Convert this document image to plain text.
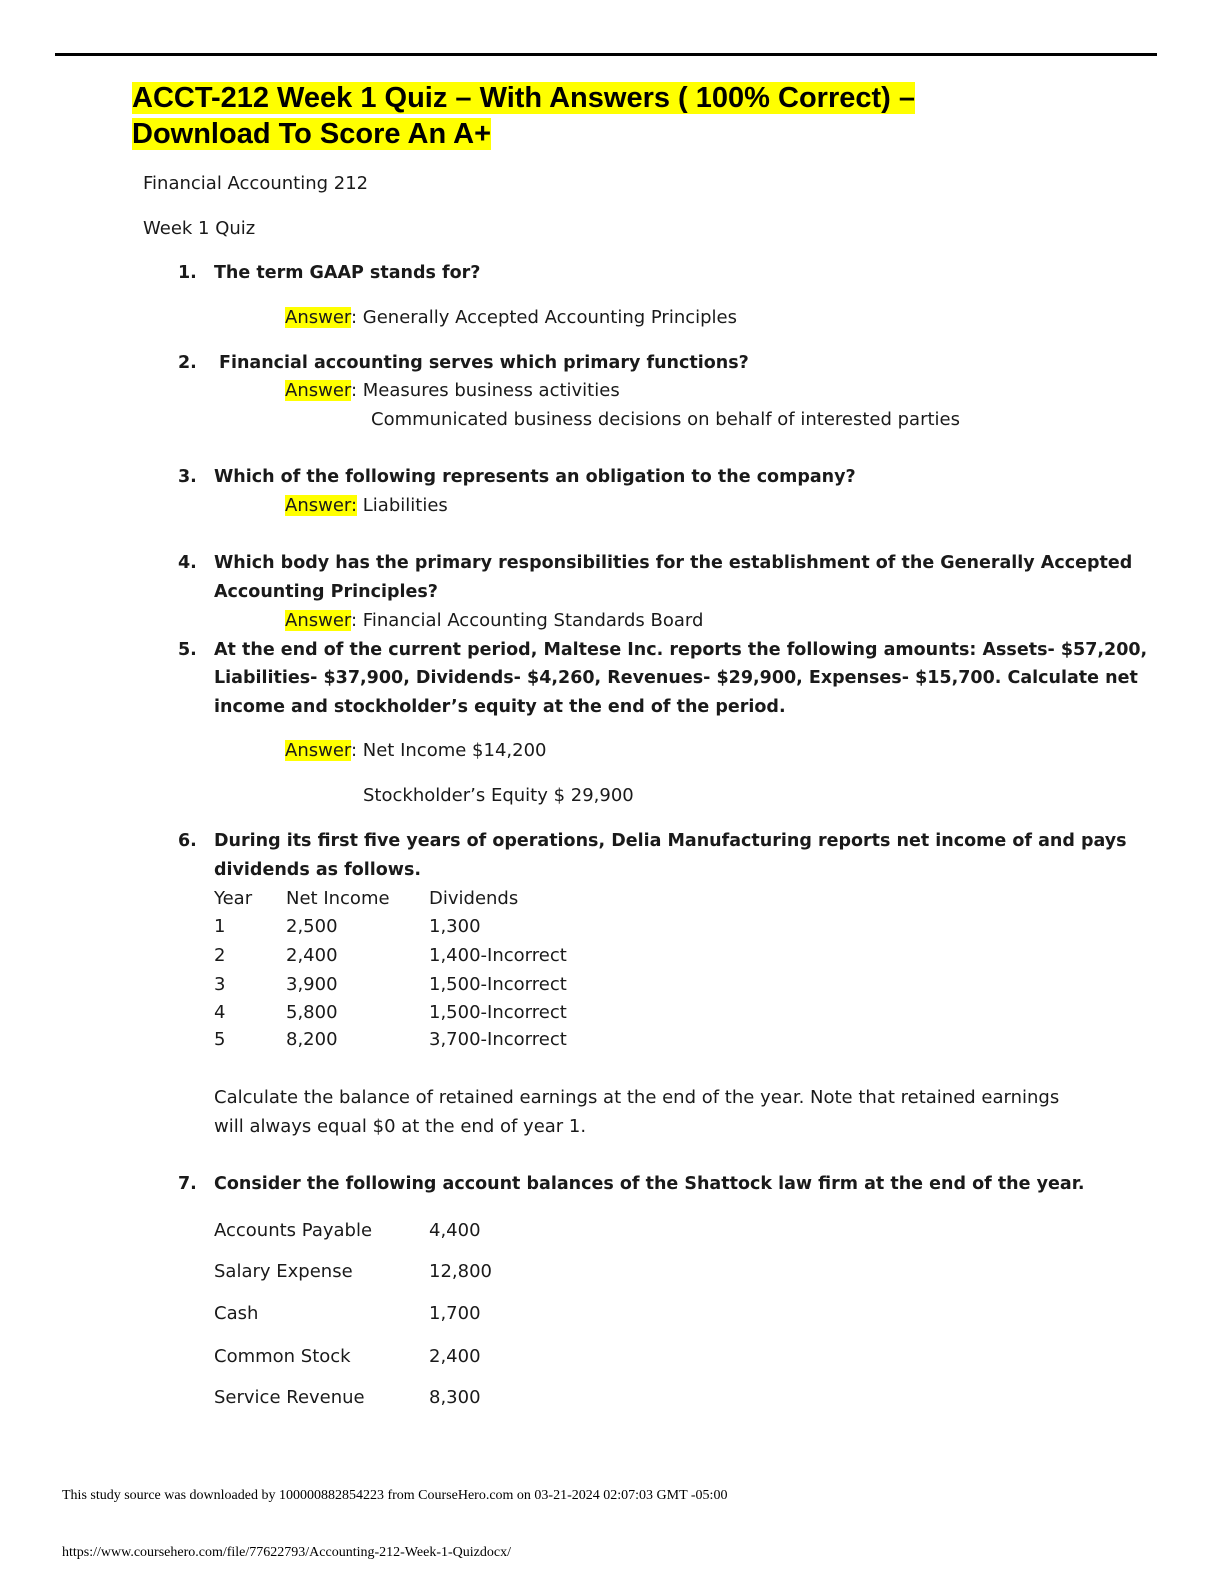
ACCT-212 Week 1 Quiz – With Answers ( 100% Correct) –
Download To Score An A+

Financial Accounting 212

Week 1 Quiz

1. The term GAAP stands for?

Answer: Generally Accepted Accounting Principles

2. Financial accounting serves which primary functions?

Answer: Measures business activities

Communicated business decisions on behalf of interested parties

3. Which of the following represents an obligation to the company?

Answer: Liabilities

4. Which body has the primary responsibilities for the establishment of the Generally Accepted

Accounting Principles?

Answer: Financial Accounting Standards Board

5. At the end of the current period, Maltese Inc. reports the following amounts: Assets- $57,200,

Liabilities- $37,900, Dividends- $4,260, Revenues- $29,900, Expenses- $15,700. Calculate net

income and stockholder’s equity at the end of the period.

Answer: Net Income $14,200

Stockholder’s Equity $ 29,900

6. During its first five years of operations, Delia Manufacturing reports net income of and pays

dividends as follows.

Year Net Income Dividends

1	2,500	1,300

2	2,400	1,400-Incorrect

3	3,900	1,500-Incorrect

4	5,800	1,500-Incorrect

5	8,200	3,700-Incorrect

Calculate the balance of retained earnings at the end of the year. Note that retained earnings

will always equal $0 at the end of year 1.

7. Consider the following account balances of the Shattock law firm at the end of the year.

Accounts Payable	4,400

Salary Expense	12,800

Cash	1,700

Common Stock	2,400

Service Revenue	8,300

This study source was downloaded by 100000882854223 from CourseHero.com on 03-21-2024 02:07:03 GMT -05:00
https://www.coursehero.com/file/77622793/Accounting-212-Week-1-Quizdocx/
